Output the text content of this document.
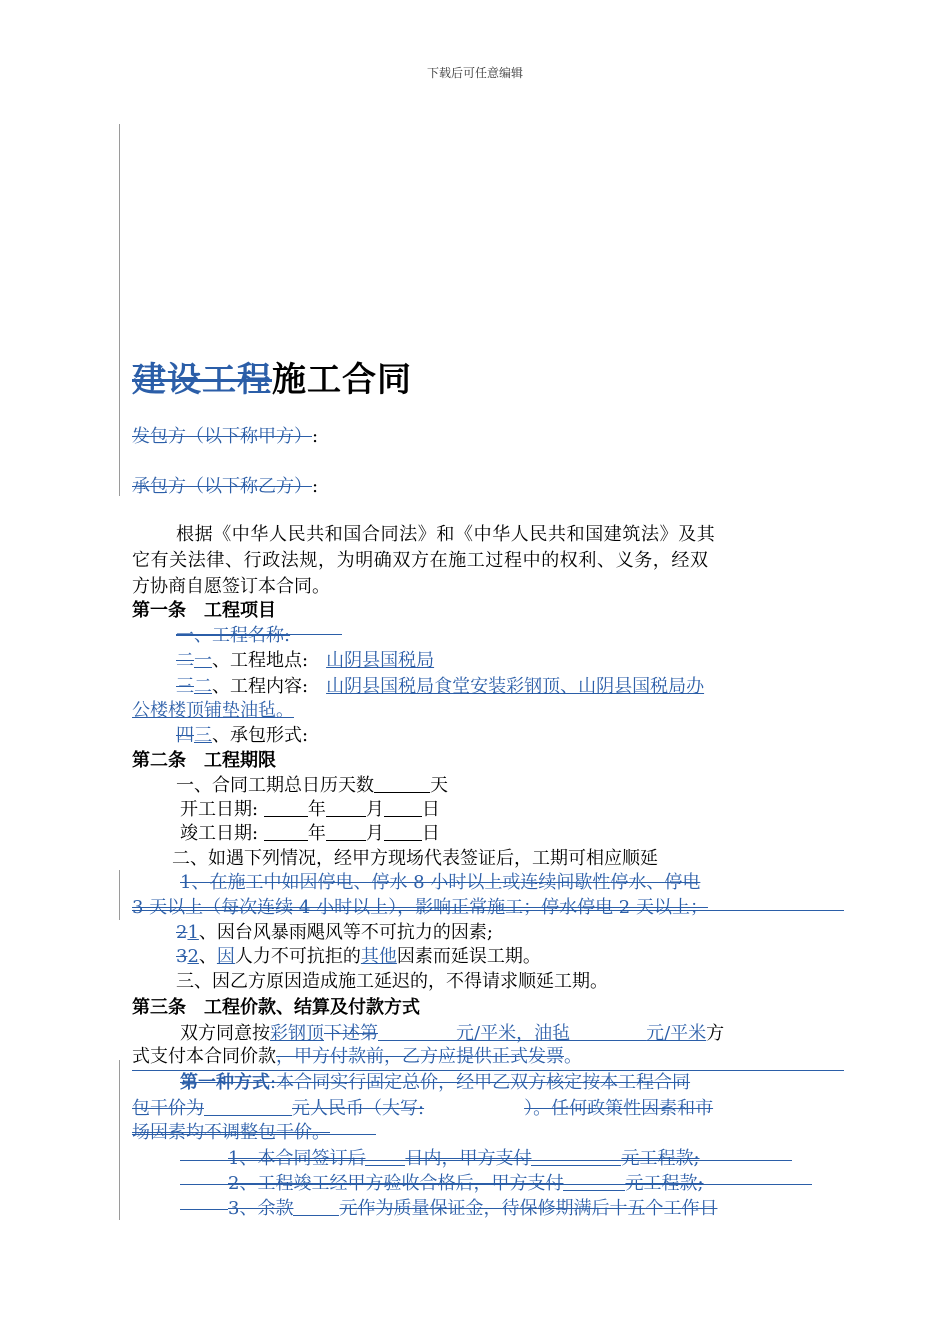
下载后可任意编辑
建设工程施工合同
发包方（以下称甲方）:
承包方（以下称乙方）:
根据《中华人民共和国合同法》和《中华人民共和国建筑法》及其
它有关法律、行政法规，为明确双方在施工过程中的权利、义务，经双
方协商自愿签订本合同。
第一条　工程项目
一、工程名称:
二一、工程地点:　山阴县国税局
三二、工程内容:　山阴县国税局食堂安装彩钢顶、山阴县国税局办
公楼楼顶铺垫油毡。
四三、承包形式:
第二条　工程期限
一、合同工期总日历天数	天
开工日期:	年 月 日
竣工日期:	年 月 日
二、如遇下列情况，经甲方现场代表签证后，工期可相应顺延
1、在施工中如因停电、停水 8 小时以上或连续间歇性停水、停电
3 天以上（每次连续 4 小时以上），影响正常施工；停水停电 2 天以上；
21、因台风暴雨飓风等不可抗力的因素;
32、因人力不可抗拒的其他因素而延误工期。
三、因乙方原因造成施工延迟的，不得请求顺延工期。
第三条　工程价款、结算及付款方式
双方同意按彩钢顶下述第	元/平米，油毡	元/平米方
式支付本合同价款，甲方付款前，乙方应提供正式发票。
第一种方式:本合同实行固定总价，经甲乙双方核定按本工程合同
包干价为	元人民币（大写:	）。任何政策性因素和市
场因素均不调整包干价。
1、本合同签订后 日内，甲方支付	元工程款;
2、工程竣工经甲方验收合格后，甲方支付	元工程款;
3、余款	元作为质量保证金，待保修期满后十五个工作日
